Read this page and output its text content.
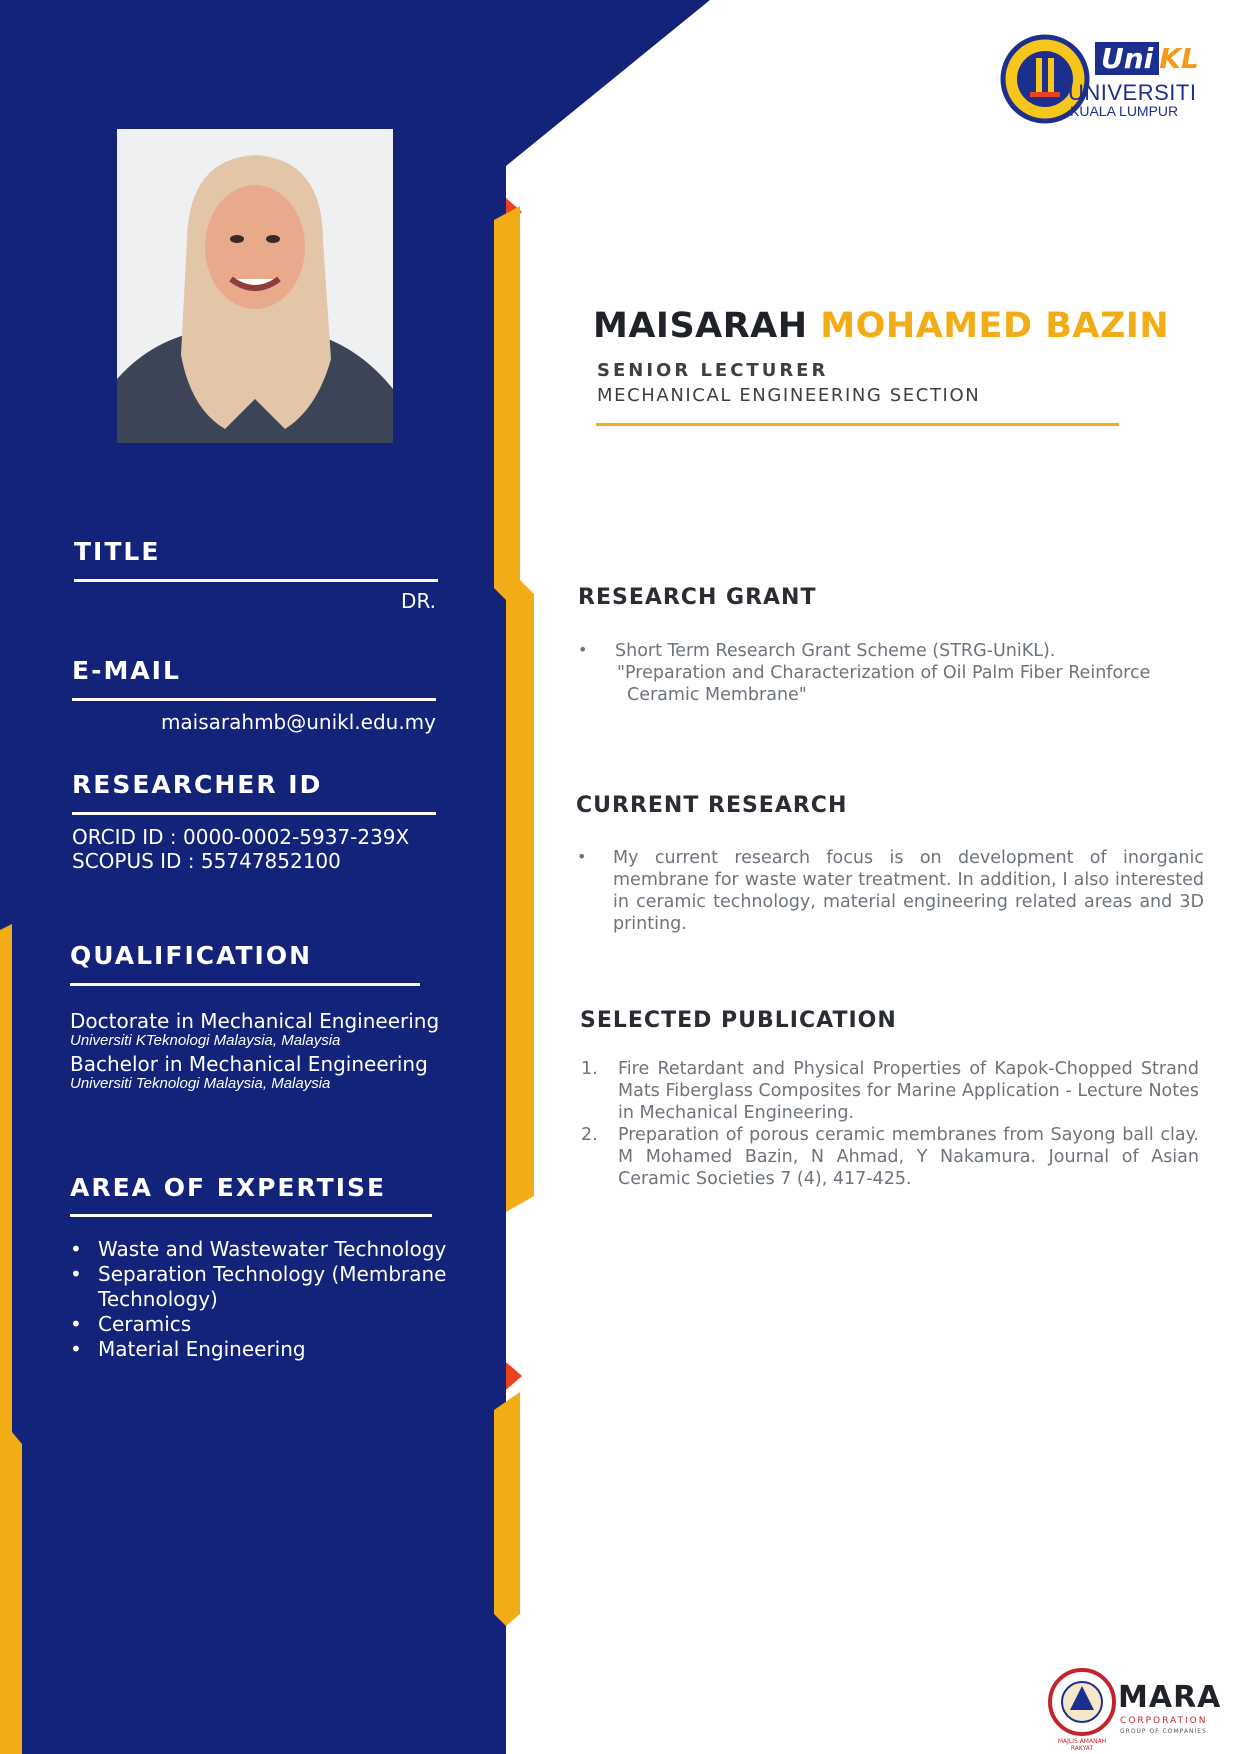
Uni KL
UNIVERSITI
KUALA LUMPUR
MAISARAH MOHAMED BAZIN
SENIOR LECTURER
MECHANICAL ENGINEERING SECTION
TITLE
DR.
E-MAIL
maisarahmb@unikl.edu.my
RESEARCHER ID
ORCID ID : 0000-0002-5937-239X
SCOPUS ID : 55747852100
QUALIFICATION
Doctorate in Mechanical Engineering
Universiti KTeknologi Malaysia, Malaysia
Bachelor in Mechanical Engineering
Universiti Teknologi Malaysia, Malaysia
AREA OF EXPERTISE
• Waste and Wastewater Technology
• Separation Technology (Membrane
Technology)
• Ceramics
• Material Engineering
RESEARCH GRANT
• Short Term Research Grant Scheme (STRG-UniKL).
"Preparation and Characterization of Oil Palm Fiber Reinforce
Ceramic Membrane"
CURRENT RESEARCH
• My current research focus is on development of inorganic membrane for waste water treatment. In addition, I also interested in ceramic technology, material engineering related areas and 3D printing.
SELECTED PUBLICATION
1. Fire Retardant and Physical Properties of Kapok-Chopped Strand Mats Fiberglass Composites for Marine Application - Lecture Notes in Mechanical Engineering.
2. Preparation of porous ceramic membranes from Sayong ball clay. M Mohamed Bazin, N Ahmad, Y Nakamura. Journal of Asian Ceramic Societies 7 (4), 417-425.
MAJLIS AMANAH RAKYAT
MARA
CORPORATION
GROUP OF COMPANIES
